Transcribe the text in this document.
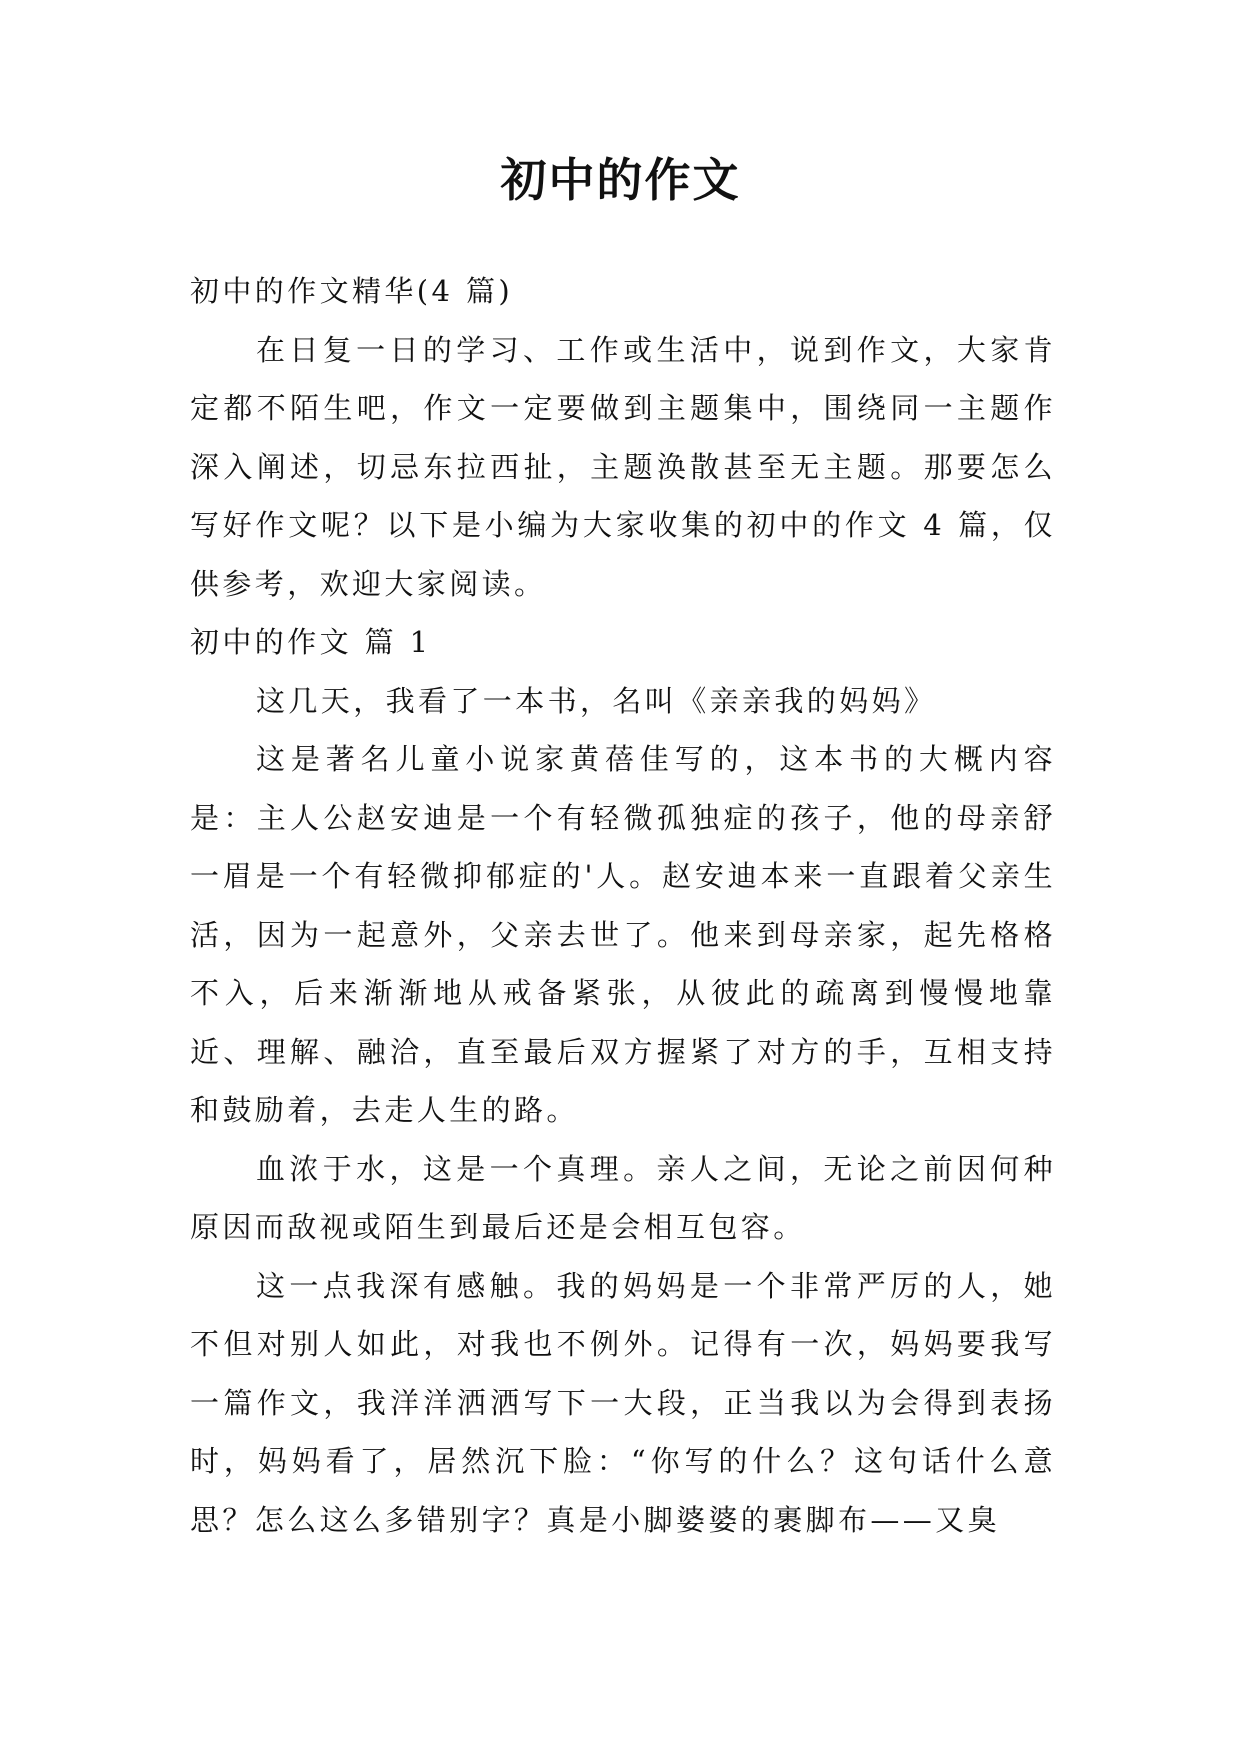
初中的作文

初中的作文精华(4 篇)

在日复一日的学习、工作或生活中，说到作文，大家肯定都不陌生吧，作文一定要做到主题集中，围绕同一主题作深入阐述，切忌东拉西扯，主题涣散甚至无主题。那要怎么写好作文呢？以下是小编为大家收集的初中的作文 4 篇，仅供参考，欢迎大家阅读。

初中的作文 篇 1

这几天，我看了一本书，名叫《亲亲我的妈妈》

这是著名儿童小说家黄蓓佳写的，这本书的大概内容是：主人公赵安迪是一个有轻微孤独症的孩子，他的母亲舒一眉是一个有轻微抑郁症的'人。赵安迪本来一直跟着父亲生活，因为一起意外，父亲去世了。他来到母亲家，起先格格不入，后来渐渐地从戒备紧张，从彼此的疏离到慢慢地靠近、理解、融洽，直至最后双方握紧了对方的手，互相支持和鼓励着，去走人生的路。

血浓于水，这是一个真理。亲人之间，无论之前因何种原因而敌视或陌生到最后还是会相互包容。

这一点我深有感触。我的妈妈是一个非常严厉的人，她不但对别人如此，对我也不例外。记得有一次，妈妈要我写一篇作文，我洋洋洒洒写下一大段，正当我以为会得到表扬时，妈妈看了，居然沉下脸：“你写的什么？这句话什么意思？怎么这么多错别字？真是小脚婆婆的裹脚布——又臭
